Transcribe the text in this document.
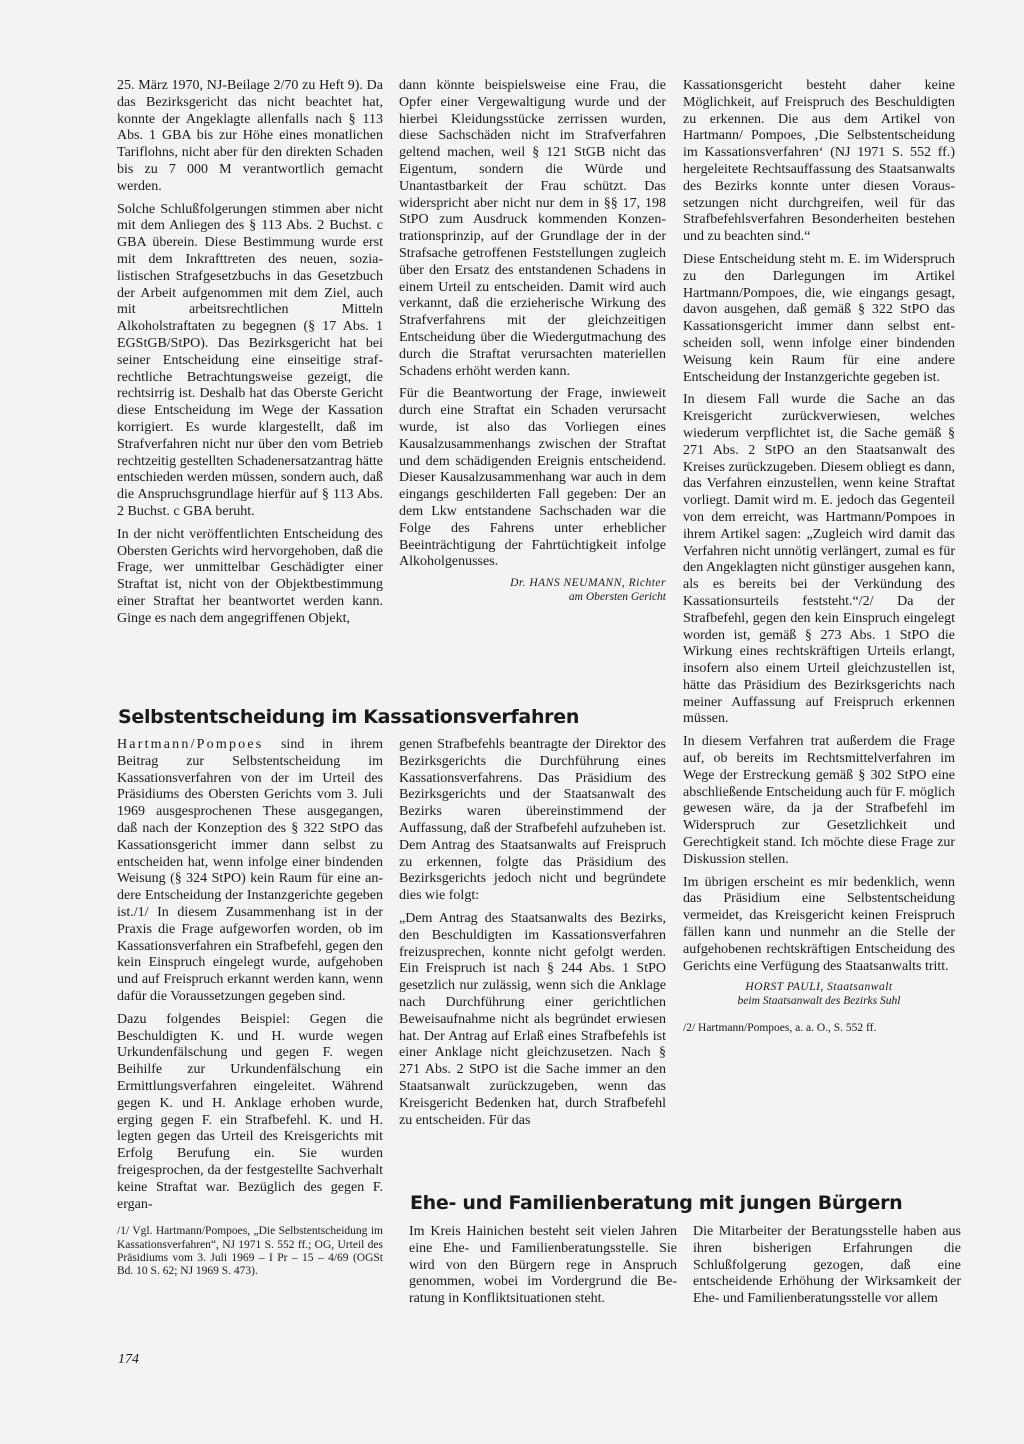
25. März 1970, NJ-Beilage 2/70 zu Heft 9). Da das Bezirksgericht das nicht beachtet hat, konnte der Angeklagte allenfalls nach § 113 Abs. 1 GBA bis zur Höhe eines monatlichen Tariflohns, nicht aber für den direkten Schaden bis zu 7 000 M verantwortlich gemacht werden.

Solche Schlußfolgerungen stimmen aber nicht mit dem Anliegen des § 113 Abs. 2 Buchst. c GBA überein. Diese Bestimmung wurde erst mit dem Inkrafttreten des neuen, sozialistischen Strafgesetzbuchs in das Gesetzbuch der Arbeit aufgenommen mit dem Ziel, auch mit arbeitsrechtlichen Mitteln Alkoholstraftaten zu begegnen (§ 17 Abs. 1 EGStGB/StPO). Das Bezirksgericht hat bei seiner Entscheidung eine einseitige strafrechtliche Betrachtungsweise gezeigt, die rechtsirrig ist. Deshalb hat das Oberste Gericht diese Entscheidung im Wege der Kassation korrigiert. Es wurde klargestellt, daß im Strafverfahren nicht nur über den vom Betrieb rechtzeitig gestellten Schadenersatzantrag hätte entschieden werden müssen, sondern auch, daß die Anspruchsgrundlage hierfür auf § 113 Abs. 2 Buchst. c GBA beruht.

In der nicht veröffentlichten Entscheidung des Obersten Gerichts wird hervorgehoben, daß die Frage, wer unmittelbar Geschädigter einer Straftat ist, nicht von der Objektbestimmung einer Straftat her beantwortet werden kann. Ginge es nach dem angegriffenen Objekt,

dann könnte beispielsweise eine Frau, die Opfer einer Vergewaltigung wurde und der hierbei Kleidungsstücke zerrissen wurden, diese Sachschäden nicht im Strafverfahren geltend machen, weil § 121 StGB nicht das Eigentum, sondern die Würde und Unantastbarkeit der Frau schützt. Das widerspricht aber nicht nur dem in §§ 17, 198 StPO zum Ausdruck kommenden Konzentrationsprinzip, auf der Grundlage der in der Strafsache getroffenen Feststellungen zugleich über den Ersatz des entstandenen Schadens in einem Urteil zu entscheiden. Damit wird auch verkannt, daß die erzieherische Wirkung des Strafverfahrens mit der gleichzeitigen Entscheidung über die Wiedergutmachung des durch die Straftat verursachten materiellen Schadens erhöht werden kann.

Für die Beantwortung der Frage, inwieweit durch eine Straftat ein Schaden verursacht wurde, ist also das Vorliegen eines Kausalzusammenhangs zwischen der Straftat und dem schädigenden Ereignis entscheidend. Dieser Kausalzusammenhang war auch in dem eingangs geschilderten Fall gegeben: Der an dem Lkw entstandene Sachschaden war die Folge des Fahrens unter erheblicher Beeinträchtigung der Fahrtüchtigkeit infolge Alkoholgenusses.

Dr. HANS NEUMANN, Richter
am Obersten Gericht

Kassationsgericht besteht daher keine Möglichkeit, auf Freispruch des Beschuldigten zu erkennen. Die aus dem Artikel von Hartmann/ Pompoes, ‚Die Selbstentscheidung im Kassationsverfahren‘ (NJ 1971 S. 552 ff.) hergeleitete Rechtsauffassung des Staatsanwalts des Bezirks konnte unter diesen Voraussetzungen nicht durchgreifen, weil für das Strafbefehlsverfahren Besonderheiten bestehen und zu beachten sind.“

Diese Entscheidung steht m. E. im Widerspruch zu den Darlegungen im Artikel Hartmann/Pompoes, die, wie eingangs gesagt, davon ausgehen, daß gemäß § 322 StPO das Kassationsgericht immer dann selbst entscheiden soll, wenn infolge einer bindenden Weisung kein Raum für eine andere Entscheidung der Instanzgerichte gegeben ist.

In diesem Fall wurde die Sache an das Kreisgericht zurückverwiesen, welches wiederum verpflichtet ist, die Sache gemäß § 271 Abs. 2 StPO an den Staatsanwalt des Kreises zurückzugeben. Diesem obliegt es dann, das Verfahren einzustellen, wenn keine Straftat vorliegt. Damit wird m. E. jedoch das Gegenteil von dem erreicht, was Hartmann/Pompoes in ihrem Artikel sagen: „Zugleich wird damit das Verfahren nicht unnötig verlängert, zumal es für den Angeklagten nicht günstiger ausgehen kann, als es bereits bei der Verkündung des Kassationsurteils feststeht.“/2/ Da der Strafbefehl, gegen den kein Einspruch eingelegt worden ist, gemäß § 273 Abs. 1 StPO die Wirkung eines rechtskräftigen Urteils erlangt, insofern also einem Urteil gleichzustellen ist, hätte das Präsidium des Bezirksgerichts nach meiner Auffassung auf Freispruch erkennen müssen.

In diesem Verfahren trat außerdem die Frage auf, ob bereits im Rechtsmittelverfahren im Wege der Erstreckung gemäß § 302 StPO eine abschließende Entscheidung auch für F. möglich gewesen wäre, da ja der Strafbefehl im Widerspruch zur Gesetzlichkeit und Gerechtigkeit stand. Ich möchte diese Frage zur Diskussion stellen.

Im übrigen erscheint es mir bedenklich, wenn das Präsidium eine Selbstentscheidung vermeidet, das Kreisgericht keinen Freispruch fällen kann und nunmehr an die Stelle der aufgehobenen rechtskräftigen Entscheidung des Gerichts eine Verfügung des Staatsanwalts tritt.

HORST PAULI, Staatsanwalt
beim Staatsanwalt des Bezirks Suhl
/2/ Hartmann/Pompoes, a. a. O., S. 552 ff.
Selbstentscheidung im Kassationsverfahren

Hartmann/Pompoes sind in ihrem Beitrag zur Selbstentscheidung im Kassationsverfahren von der im Urteil des Präsidiums des Obersten Gerichts vom 3. Juli 1969 ausgesprochenen These ausgegangen, daß nach der Konzeption des § 322 StPO das Kassationsgericht immer dann selbst zu entscheiden hat, wenn infolge einer bindenden Weisung (§ 324 StPO) kein Raum für eine andere Entscheidung der Instanzgerichte gegeben ist./1/ In diesem Zusammenhang ist in der Praxis die Frage aufgeworfen worden, ob im Kassationsverfahren ein Strafbefehl, gegen den kein Einspruch eingelegt wurde, aufgehoben und auf Freispruch erkannt werden kann, wenn dafür die Voraussetzungen gegeben sind.

Dazu folgendes Beispiel: Gegen die Beschuldigten K. und H. wurde wegen Urkundenfälschung und gegen F. wegen Beihilfe zur Urkundenfälschung ein Ermittlungsverfahren eingeleitet. Während gegen K. und H. Anklage erhoben wurde, erging gegen F. ein Strafbefehl. K. und H. legten gegen das Urteil des Kreisgerichts mit Erfolg Berufung ein. Sie wurden freigesprochen, da der festgestellte Sachverhalt keine Straftat war. Bezüglich des gegen F. ergan-

/1/ Vgl. Hartmann/Pompoes, „Die Selbstentscheidung im Kassationsverfahren“, NJ 1971 S. 552 ff.; OG, Urteil des Präsidiums vom 3. Juli 1969 – I Pr – 15 – 4/69 (OGSt Bd. 10 S. 62; NJ 1969 S. 473).

genen Strafbefehls beantragte der Direktor des Bezirksgerichts die Durchführung eines Kassationsverfahrens. Das Präsidium des Bezirksgerichts und der Staatsanwalt des Bezirks waren übereinstimmend der Auffassung, daß der Strafbefehl aufzuheben ist. Dem Antrag des Staatsanwalts auf Freispruch zu erkennen, folgte das Präsidium des Bezirksgerichts jedoch nicht und begründete dies wie folgt:

„Dem Antrag des Staatsanwalts des Bezirks, den Beschuldigten im Kassationsverfahren freizusprechen, konnte nicht gefolgt werden. Ein Freispruch ist nach § 244 Abs. 1 StPO gesetzlich nur zulässig, wenn sich die Anklage nach Durchführung einer gerichtlichen Beweisaufnahme nicht als begründet erwiesen hat. Der Antrag auf Erlaß eines Strafbefehls ist einer Anklage nicht gleichzusetzen. Nach § 271 Abs. 2 StPO ist die Sache immer an den Staatsanwalt zurückzugeben, wenn das Kreisgericht Bedenken hat, durch Strafbefehl zu entscheiden. Für das

Ehe- und Familienberatung mit jungen Bürgern

Im Kreis Hainichen besteht seit vielen Jahren eine Ehe- und Familienberatungsstelle. Sie wird von den Bürgern rege in Anspruch genommen, wobei im Vordergrund die Beratung in Konfliktsituationen steht.

Die Mitarbeiter der Beratungsstelle haben aus ihren bisherigen Erfahrungen die Schlußfolgerung gezogen, daß eine entscheidende Erhöhung der Wirksamkeit der Ehe- und Familienberatungsstelle vor allem

174
